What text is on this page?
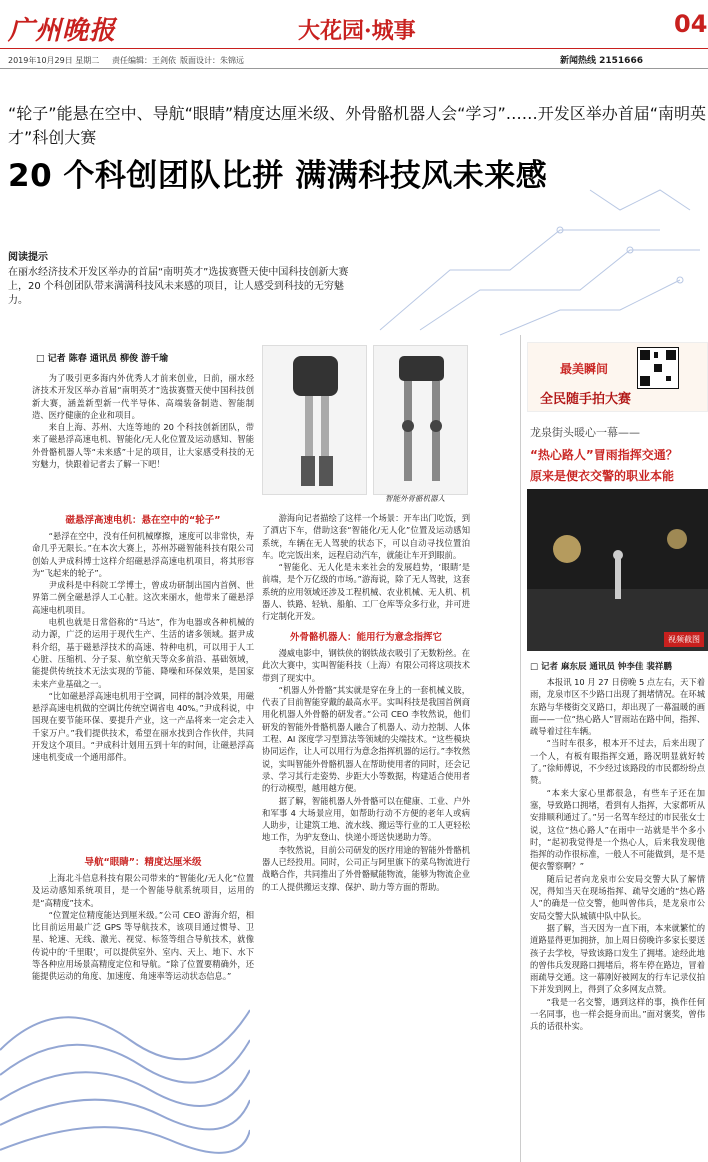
广州晚报	大花园·城事	04
2019年10月29日 星期二 责任编辑：王剑依 版面设计：朱锦远	新闻热线 2151666
“轮子”能悬在空中、导航“眼睛”精度达厘米级、外骨骼机器人会“学习”……开发区举办首届“南明英才”科创大赛
20 个科创团队比拼 满满科技风未来感
阅读提示
在丽水经济技术开发区举办的首届“南明英才”选拔赛暨天使中国科技创新大赛上，20 个科创团队带来满满科技风未来感的项目，让人感受到科技的无穷魅力。
□ 记者 陈春 通讯员 柳俊 游千瑜

为了吸引更多海内外优秀人才前来创业，日前，丽水经济技术开发区举办首届“南明英才”选拔赛暨天使中国科技创新大赛，涵盖新型新一代半导体、高端装备制造、智能制造、医疗健康的企业和项目。

来自上海、苏州、大连等地的 20 个科技创新团队，带来了磁悬浮高速电机、智能化/无人化位置及运动感知、智能外骨骼机器人等“未来感”十足的项目，让大家感受科技的无穷魅力，快跟着记者去了解一下吧！

磁悬浮高速电机：悬在空中的“轮子”

“悬浮在空中，没有任何机械摩擦，速度可以非常快，寿命几乎无限长。”在本次大赛上，苏州苏磁智能科技有限公司创始人尹成科博士这样介绍磁悬浮高速电机项目，将其形容为“飞起来的轮子”。

尹成科是中科院工学博士，曾成功研制出国内首例、世界第二例全磁悬浮人工心脏。这次来丽水，他带来了磁悬浮高速电机项目。

电机也就是日常俗称的“马达”，作为电器或各种机械的动力源，广泛的运用于现代生产、生活的诸多领域。据尹成科介绍，基于磁悬浮技术的高速、特种电机，可以用于人工心脏、压缩机、分子泵、航空航天等众多前沿、基础领域，能提供传统技术无法实现的节能、降噪和环保效果，是国家未来产业基础之一。

“比如磁悬浮高速电机用于空调，同样的制冷效果，用磁悬浮高速电机做的空调比传统空调省电 40%。”尹成科说，中国现在要节能环保、要提升产业，这一产品将来一定会走入千家万户。”我们提供技术，希望在丽水找到合作伙伴，共同开发这个项目。“尹成科计划用五到十年的时间，让磁悬浮高速电机变成一个通用部件。

导航“眼睛”：精度达厘米级

上海北斗信息科技有限公司带来的“智能化/无人化”位置及运动感知系统项目，是一个智能导航系统项目，运用的是“高精度”技术。

“位置定位精度能达到厘米级。”公司 CEO 游海介绍，相比目前运用最广泛 GPS 等导航技术，该项目通过惯导、卫星、轮速、无线、激光、视觉、标签等组合导航技术，就像传说中的‘千里眼’，可以提供室外、室内、天上、地下、水下等各种应用场景高精度定位和导航。“除了位置要精确外，还能提供运动的角度、加速度、角速率等运动状态信息。”

智能外骨骼机器人

游海向记者描绘了这样一个场景：开车出门吃饭，到了酒店下车，借助这套“智能化/无人化”位置及运动感知系统，车辆在无人驾驶的状态下，可以自动寻找位置泊车。吃完饭出来，远程启动汽车，就能让车开到眼前。

“智能化、无人化是未来社会的发展趋势，‘眼睛’是前端，是个万亿级的市场。”游海说，除了无人驾驶，这套系统的应用领域还涉及工程机械、农业机械、无人机、机器人、铁路、轻轨、船舶、工厂仓库等众多行业，并可进行定制化开发。

外骨骼机器人：能用行为意念指挥它

漫威电影中，钢铁侠的钢铁战衣吸引了无数粉丝。在此次大赛中，实叫智能科技（上海）有限公司将这项技术带到了现实中。

“机器人外骨骼”其实就是穿在身上的一套机械义肢，代表了目前智能穿戴的最高水平。实叫科技是我国首例商用化机器人外骨骼的研发者。”公司 CEO 李牧然说，他们研发的智能外骨骼机器人融合了机器人、动力控制、人体工程、AI 深度学习型算法等领域的尖端技术。“这些模块协同运作，让人可以用行为意念指挥机器的运行。”李牧然说，实叫智能外骨骼机器人在帮助使用者的同时，还会记录、学习其行走姿势、步距大小等数据，构建适合使用者的行动模型，越用越方便。

据了解，智能机器人外骨骼可以在健康、工业、户外和军事 4 大场景应用，如帮助行动不方便的老年人或病人助步，让建筑工地、流水线、搬运等行业的工人更轻松地工作，为驴友登山、快递小哥送快递助力等。

李牧然说，目前公司研发的医疗用途的智能外骨骼机器人已经投用。同时，公司正与阿里旗下的菜鸟物流进行战略合作，共同推出了外骨骼赋能物流，能够为物流企业的工人提供搬运支撑、保护、助力等方面的帮助。

最美瞬间
全民随手拍大赛
龙泉街头暖心一幕——
“热心路人”冒雨指挥交通？
原来是便衣交警的职业本能
视频截图
□ 记者 麻东辰 通讯员 钟李佳 裴祥鹏

本报讯 10 月 27 日傍晚 5 点左右，天下着雨，龙泉市区不少路口出现了拥堵情况。在环城东路与华楼街交叉路口，却出现了一幕温暖的画面——一位“热心路人”冒雨站在路中间，指挥、疏导着过往车辆。

“当时车很多，根本开不过去，后来出现了一个人，有板有眼指挥交通，路况明显就好转了。”徐师傅说，不少经过该路段的市民都纷纷点赞。

“本来大家心里都很急，有些车子还在加塞，导致路口拥堵，看到有人指挥，大家都听从安排顺利通过了。”另一名驾车经过的市民张女士说，这位“热心路人”在雨中一站就是半个多小时，“起初我觉得是一个热心人，后来我发现他指挥的动作很标准，一般人不可能做到，是不是便衣警察啊？”

随后记者向龙泉市公安局交警大队了解情况，得知当天在现场指挥、疏导交通的“热心路人”的确是一位交警，他叫曾伟兵，是龙泉市公安局交警大队城镇中队中队长。

据了解，当天因为一直下雨，本来就繁忙的道路显得更加拥挤，加上周日傍晚许多家长要送孩子去学校，导致该路口发生了拥堵。途经此地的曾伟兵发现路口拥堵后，将车停在路边，冒着雨疏导交通。这一幕刚好被网友的行车记录仪拍下并发到网上，得到了众多网友点赞。

“我是一名交警，遇到这样的事，换作任何一名同事，也一样会挺身而出。”面对褒奖，曾伟兵的话很朴实。
